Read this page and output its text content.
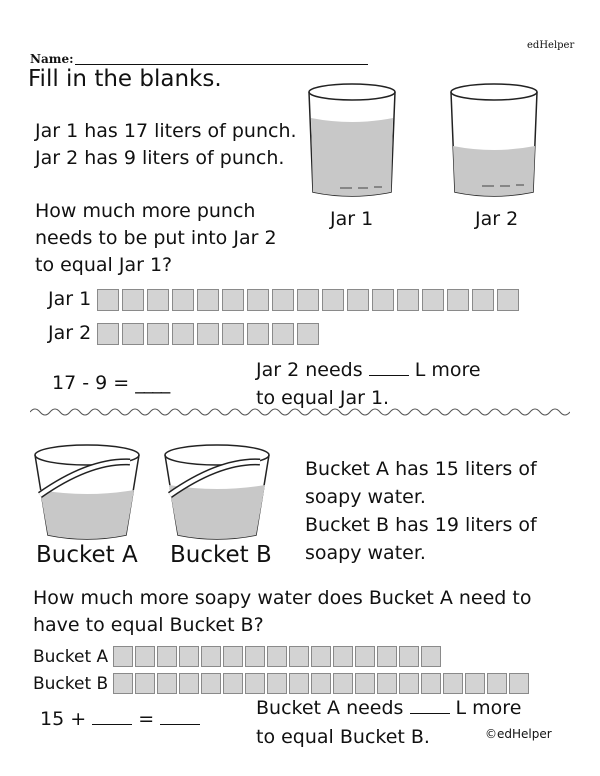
Name:
edHelper
Fill in the blanks.
Jar 1 has 17 liters of punch.
Jar 2 has 9 liters of punch.
How much more punch
needs to be put into Jar 2
to equal Jar 1?
Jar 1	Jar 2
Jar 1
Jar 2
17 - 9 = ____
Jar 2 needs	L more
to equal Jar 1.
Bucket A Bucket B
Bucket A has 15 liters of
soapy water.
Bucket B has 19 liters of
soapy water.
How much more soapy water does Bucket A need to
have to equal Bucket B?
Bucket A
Bucket B
15 +	=	Bucket A needs	L more
to equal Bucket B.	©edHelper
